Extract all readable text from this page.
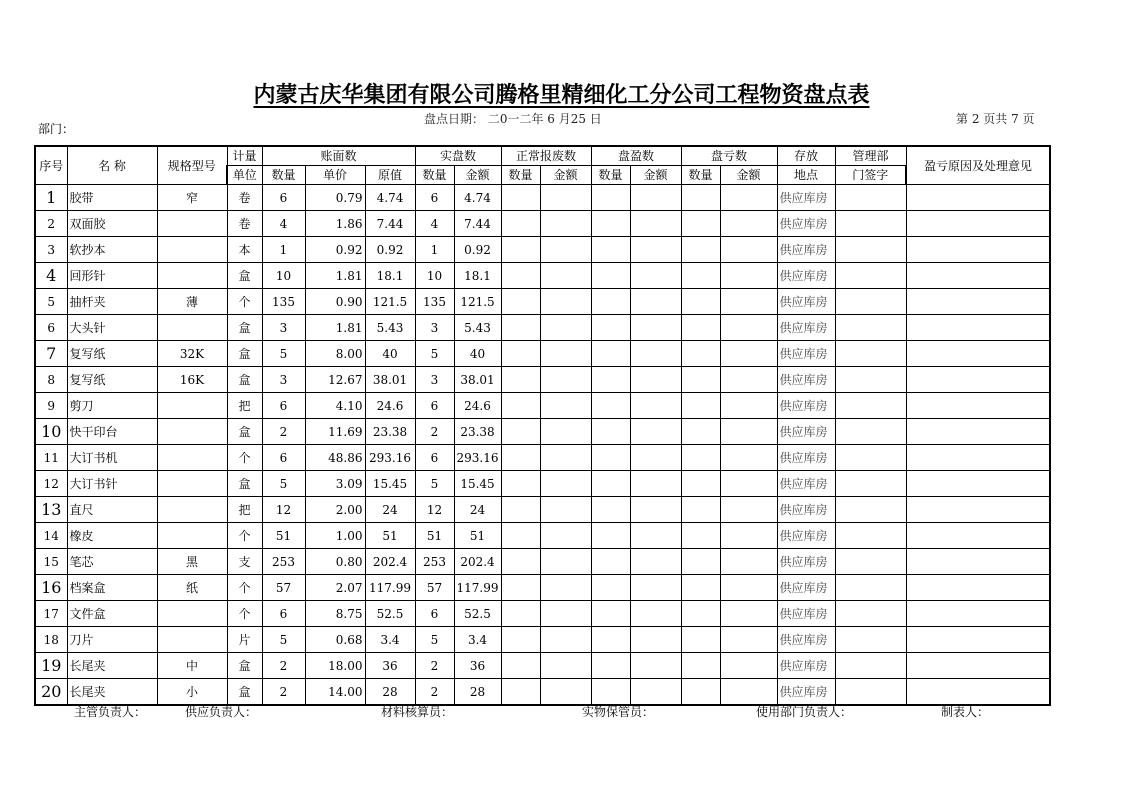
内蒙古庆华集团有限公司腾格里精细化工分公司工程物资盘点表
盘点日期： 二0一二年 6 月25 日	第 2 页共 7 页
部门：
序号	名 称	规格型号	计量	账面数			实盘数		正常报废数		盘盈数		盘亏数		存放	管理部	盈亏原因及处理意见
			单位	数量	单价	原值	数量	金额	数量	金额	数量	金额	数量	金额	地点	门签字	
1	胶带	窄	卷	6	0.79	4.74	6	4.74							供应库房		
2	双面胶		卷	4	1.86	7.44	4	7.44							供应库房		
3	软抄本		本	1	0.92	0.92	1	0.92							供应库房		
4	回形针		盒	10	1.81	18.1	10	18.1							供应库房		
5	抽杆夹	薄	个	135	0.90	121.5	135	121.5							供应库房		
6	大头针		盒	3	1.81	5.43	3	5.43							供应库房		
7	复写纸	32K	盒	5	8.00	40	5	40							供应库房		
8	复写纸	16K	盒	3	12.67	38.01	3	38.01							供应库房		
9	剪刀		把	6	4.10	24.6	6	24.6							供应库房		
10	快干印台		盒	2	11.69	23.38	2	23.38							供应库房		
11	大订书机		个	6	48.86	293.16	6	293.16							供应库房		
12	大订书针		盒	5	3.09	15.45	5	15.45							供应库房		
13	直尺		把	12	2.00	24	12	24							供应库房		
14	橡皮		个	51	1.00	51	51	51							供应库房		
15	笔芯	黑	支	253	0.80	202.4	253	202.4							供应库房		
16	档案盒	纸	个	57	2.07	117.99	57	117.99							供应库房		
17	文件盒		个	6	8.75	52.5	6	52.5							供应库房		
18	刀片		片	5	0.68	3.4	5	3.4							供应库房		
19	长尾夹	中	盒	2	18.00	36	2	36							供应库房		
20	长尾夹	小	盒	2	14.00	28	2	28							供应库房		
主管负责人：	供应负责人：	材料核算员：	实物保管员：	使用部门负责人：	制表人：
